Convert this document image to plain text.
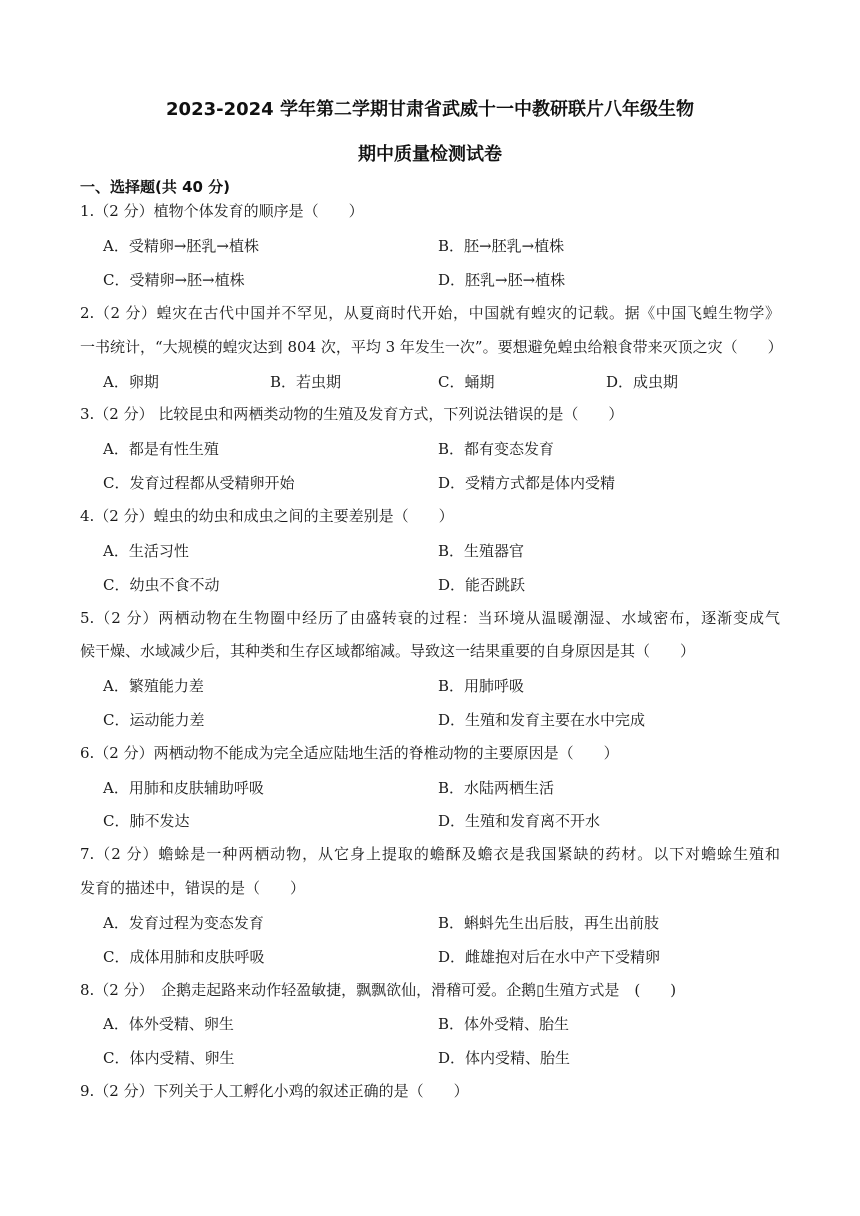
2023-2024 学年第二学期甘肃省武威十一中教研联片八年级生物
期中质量检测试卷
一、选择题(共 40 分)
1.（2 分）植物个体发育的顺序是（　　）
A．受精卵→胚乳→植株	B．胚→胚乳→植株
C．受精卵→胚→植株	D．胚乳→胚→植株
2.（2 分）蝗灾在古代中国并不罕见，从夏商时代开始，中国就有蝗灾的记载。据《中国飞蝗生物学》
一书统计，“大规模的蝗灾达到 804 次，平均 3 年发生一次”。要想避免蝗虫给粮食带来灭顶之灾（　　）
A．卵期	B．若虫期	C．蛹期	D．成虫期
3.（2 分） 比较昆虫和两栖类动物的生殖及发育方式，下列说法错误的是（　　）
A．都是有性生殖	B．都有变态发育
C．发育过程都从受精卵开始	D．受精方式都是体内受精
4.（2 分）蝗虫的幼虫和成虫之间的主要差别是（　　）
A．生活习性	B．生殖器官
C．幼虫不食不动	D．能否跳跃
5.（2 分）两栖动物在生物圈中经历了由盛转衰的过程：当环境从温暖潮湿、水域密布，逐渐变成气
候干燥、水域减少后，其种类和生存区域都缩减。导致这一结果重要的自身原因是其（　　）
A．繁殖能力差	B．用肺呼吸
C．运动能力差	D．生殖和发育主要在水中完成
6.（2 分）两栖动物不能成为完全适应陆地生活的脊椎动物的主要原因是（　　）
A．用肺和皮肤辅助呼吸	B．水陆两栖生活
C．肺不发达	D．生殖和发育离不开水
7.（2 分）蟾蜍是一种两栖动物，从它身上提取的蟾酥及蟾衣是我国紧缺的药材。以下对蟾蜍生殖和
发育的描述中，错误的是（　　）
A．发育过程为变态发育	B．蝌蚪先生出后肢，再生出前肢
C．成体用肺和皮肤呼吸	D．雌雄抱对后在水中产下受精卵
8.（2 分）　企鹅走起路来动作轻盈敏捷，飘飘欲仙，滑稽可爱。企鹅▯生殖方式是　(　　)
A．体外受精、卵生	B．体外受精、胎生
C．体内受精、卵生	D．体内受精、胎生
9.（2 分）下列关于人工孵化小鸡的叙述正确的是（　　）
